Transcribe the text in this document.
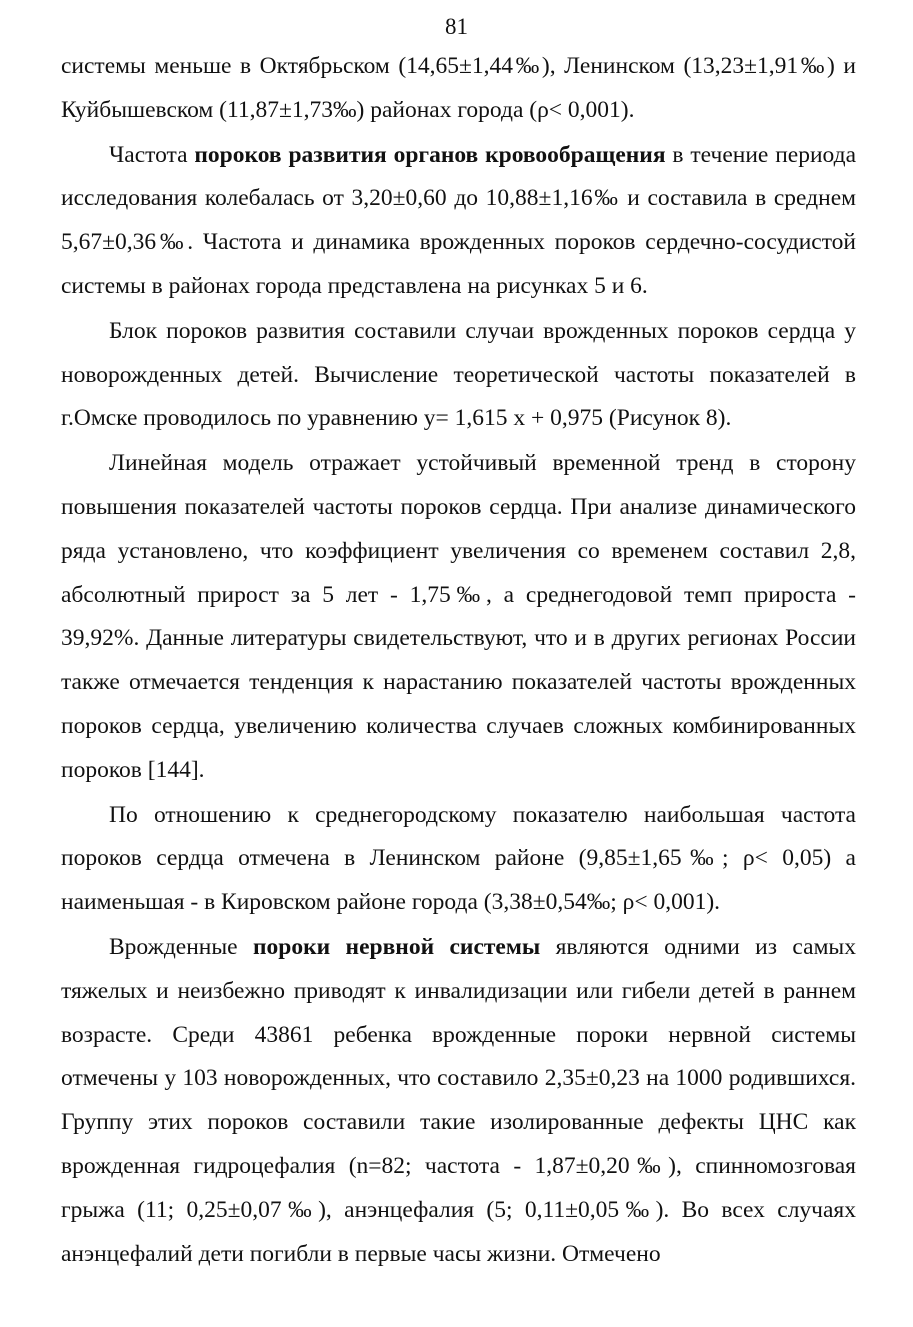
81

системы меньше в Октябрьском (14,65±1,44‰), Ленинском (13,23±1,91‰) и Куйбышевском (11,87±1,73‰) районах города (ρ< 0,001).

Частота пороков развития органов кровообращения в течение периода исследования колебалась от 3,20±0,60 до 10,88±1,16‰ и составила в среднем 5,67±0,36‰. Частота и динамика врожденных пороков сердечно-сосудистой системы в районах города представлена на рисунках 5 и 6.

Блок пороков развития составили случаи врожденных пороков сердца у новорожденных детей. Вычисление теоретической частоты показателей в г.Омске проводилось по уравнению y= 1,615 х + 0,975 (Рисунок 8).

Линейная модель отражает устойчивый временной тренд в сторону повышения показателей частоты пороков сердца. При анализе динамического ряда установлено, что коэффициент увеличения со временем составил 2,8, абсолютный прирост за 5 лет - 1,75‰, а среднегодовой темп прироста - 39,92%. Данные литературы свидетельствуют, что и в других регионах России также отмечается тенденция к нарастанию показателей частоты врожденных пороков сердца, увеличению количества случаев сложных комбинированных пороков [144].

По отношению к среднегородскому показателю наибольшая частота пороков сердца отмечена в Ленинском районе (9,85±1,65‰; ρ< 0,05) а наименьшая - в Кировском районе города (3,38±0,54‰; ρ< 0,001).

Врожденные пороки нервной системы являются одними из самых тяжелых и неизбежно приводят к инвалидизации или гибели детей в раннем возрасте. Среди 43861 ребенка врожденные пороки нервной системы отмечены у 103 новорожденных, что составило 2,35±0,23 на 1000 родившихся. Группу этих пороков составили такие изолированные дефекты ЦНС как врожденная гидроцефалия (n=82; частота - 1,87±0,20‰), спинномозговая грыжа (11; 0,25±0,07‰), анэнцефалия (5; 0,11±0,05‰). Во всех случаях анэнцефалий дети погибли в первые часы жизни. Отмечено
